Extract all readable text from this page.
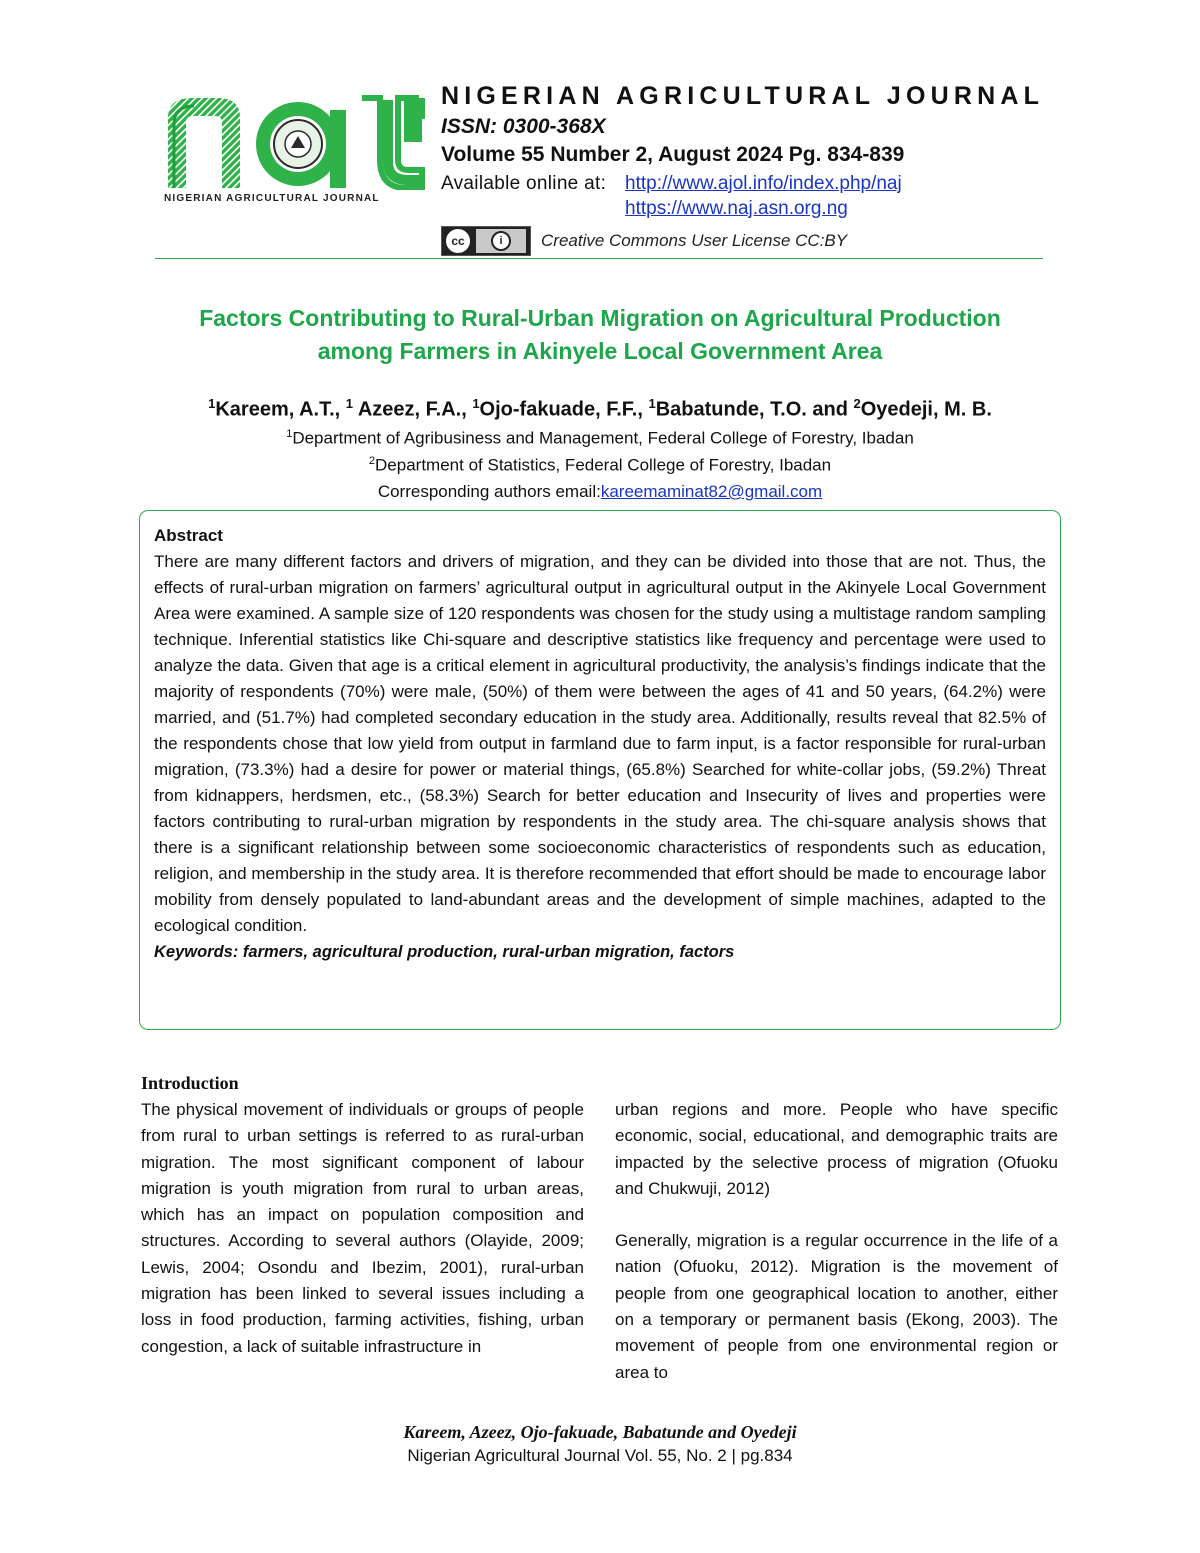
NIGERIAN AGRICULTURAL JOURNAL
NIGERIAN AGRICULTURAL JOURNAL
ISSN: 0300-368X
Volume 55 Number 2, August 2024 Pg. 834-839
Available online at: http://www.ajol.info/index.php/naj
https://www.naj.asn.org.ng
cc	i	Creative Commons User License CC:BY
Factors Contributing to Rural-Urban Migration on Agricultural Production
among Farmers in Akinyele Local Government Area
$^1$Kareem, A.T., $^1$ Azeez, F.A., $^1$Ojo-fakuade, F.F., $^1$Babatunde, T.O. and $^2$Oyedeji, M. B.
$^1$Department of Agribusiness and Management, Federal College of Forestry, Ibadan
$^2$Department of Statistics, Federal College of Forestry, Ibadan
Corresponding authors email:kareemaminat82@gmail.com
Abstract

There are many different factors and drivers of migration, and they can be divided into those that are not. Thus, the effects of rural-urban migration on farmers’ agricultural output in agricultural output in the Akinyele Local Government Area were examined. A sample size of 120 respondents was chosen for the study using a multistage random sampling technique. Inferential statistics like Chi-square and descriptive statistics like frequency and percentage were used to analyze the data. Given that age is a critical element in agricultural productivity, the analysis’s findings indicate that the majority of respondents (70%) were male, (50%) of them were between the ages of 41 and 50 years, (64.2%) were married, and (51.7%) had completed secondary education in the study area. Additionally, results reveal that 82.5% of the respondents chose that low yield from output in farmland due to farm input, is a factor responsible for rural-urban migration, (73.3%) had a desire for power or material things, (65.8%) Searched for white-collar jobs, (59.2%) Threat from kidnappers, herdsmen, etc., (58.3%) Search for better education and Insecurity of lives and properties were factors contributing to rural-urban migration by respondents in the study area. The chi-square analysis shows that there is a significant relationship between some socioeconomic characteristics of respondents such as education, religion, and membership in the study area. It is therefore recommended that effort should be made to encourage labor mobility from densely populated to land-abundant areas and the development of simple machines, adapted to the ecological condition.

Keywords: farmers, agricultural production, rural-urban migration, factors

Introduction

The physical movement of individuals or groups of people from rural to urban settings is referred to as rural-urban migration. The most significant component of labour migration is youth migration from rural to urban areas, which has an impact on population composition and structures. According to several authors (Olayide, 2009; Lewis, 2004; Osondu and Ibezim, 2001), rural-urban migration has been linked to several issues including a loss in food production, farming activities, fishing, urban congestion, a lack of suitable infrastructure in

urban regions and more. People who have specific economic, social, educational, and demographic traits are impacted by the selective process of migration (Ofuoku and Chukwuji, 2012)

Generally, migration is a regular occurrence in the life of a nation (Ofuoku, 2012). Migration is the movement of people from one geographical location to another, either on a temporary or permanent basis (Ekong, 2003). The movement of people from one environmental region or area to

Kareem, Azeez, Ojo-fakuade, Babatunde and Oyedeji
Nigerian Agricultural Journal Vol. 55, No. 2 | pg.834
